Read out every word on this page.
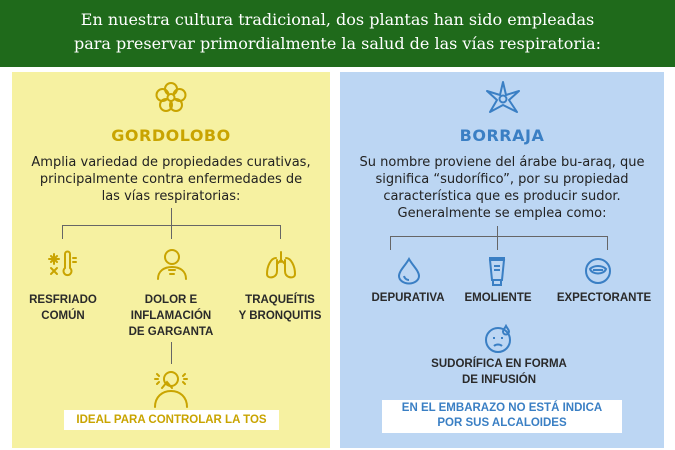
En nuestra cultura tradicional, dos plantas han sido empleadas
para preservar primordialmente la salud de las vías respiratoria:
GORDOLOBO
Amplia variedad de propiedades curativas,
principalmente contra enfermedades de
las vías respiratorias:
RESFRIADO
COMÚN
DOLOR E
INFLAMACIÓN
DE GARGANTA
TRAQUEÍTIS
Y BRONQUITIS
IDEAL PARA CONTROLAR LA TOS
BORRAJA
Su nombre proviene del árabe bu-araq, que
significa “sudorífico”, por su propiedad
característica que es producir sudor.
Generalmente se emplea como:
DEPURATIVA	EMOLIENTE	EXPECTORANTE
SUDORÍFICA EN FORMA
DE INFUSIÓN
EN EL EMBARAZO NO ESTÁ INDICA
POR SUS ALCALOIDES
